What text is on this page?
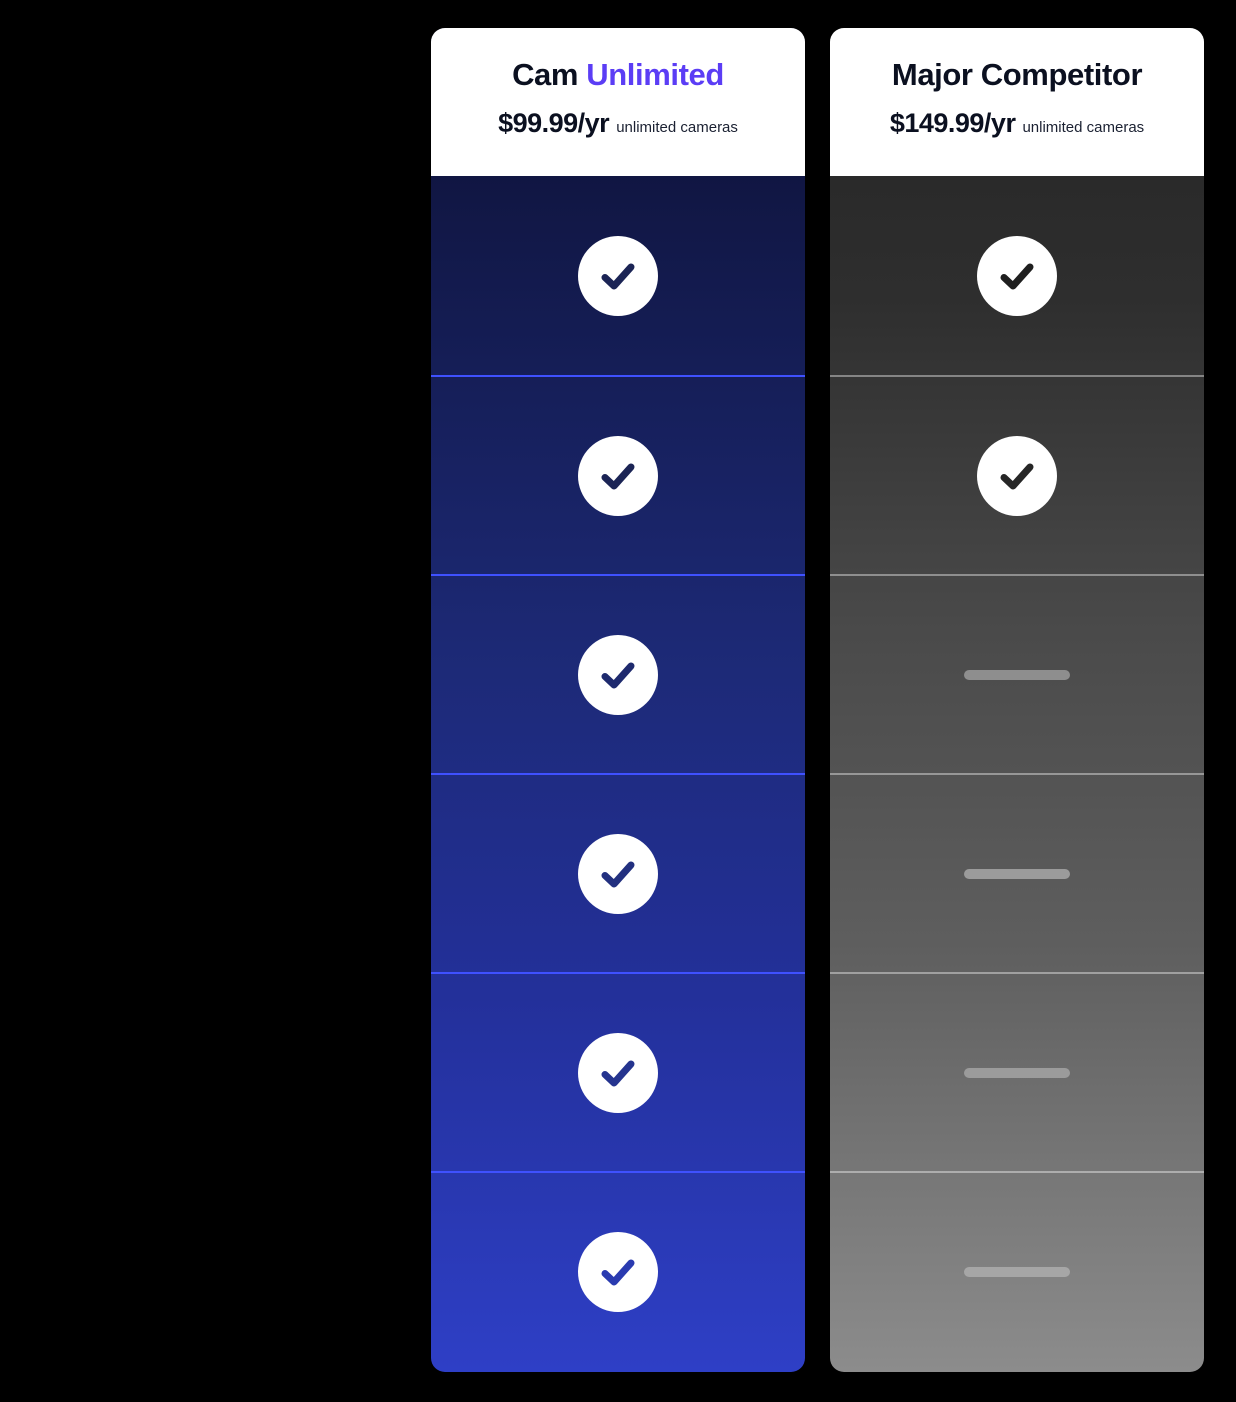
Cam Unlimited
$99.99/yr unlimited cameras
Major Competitor
$149.99/yr unlimited cameras
